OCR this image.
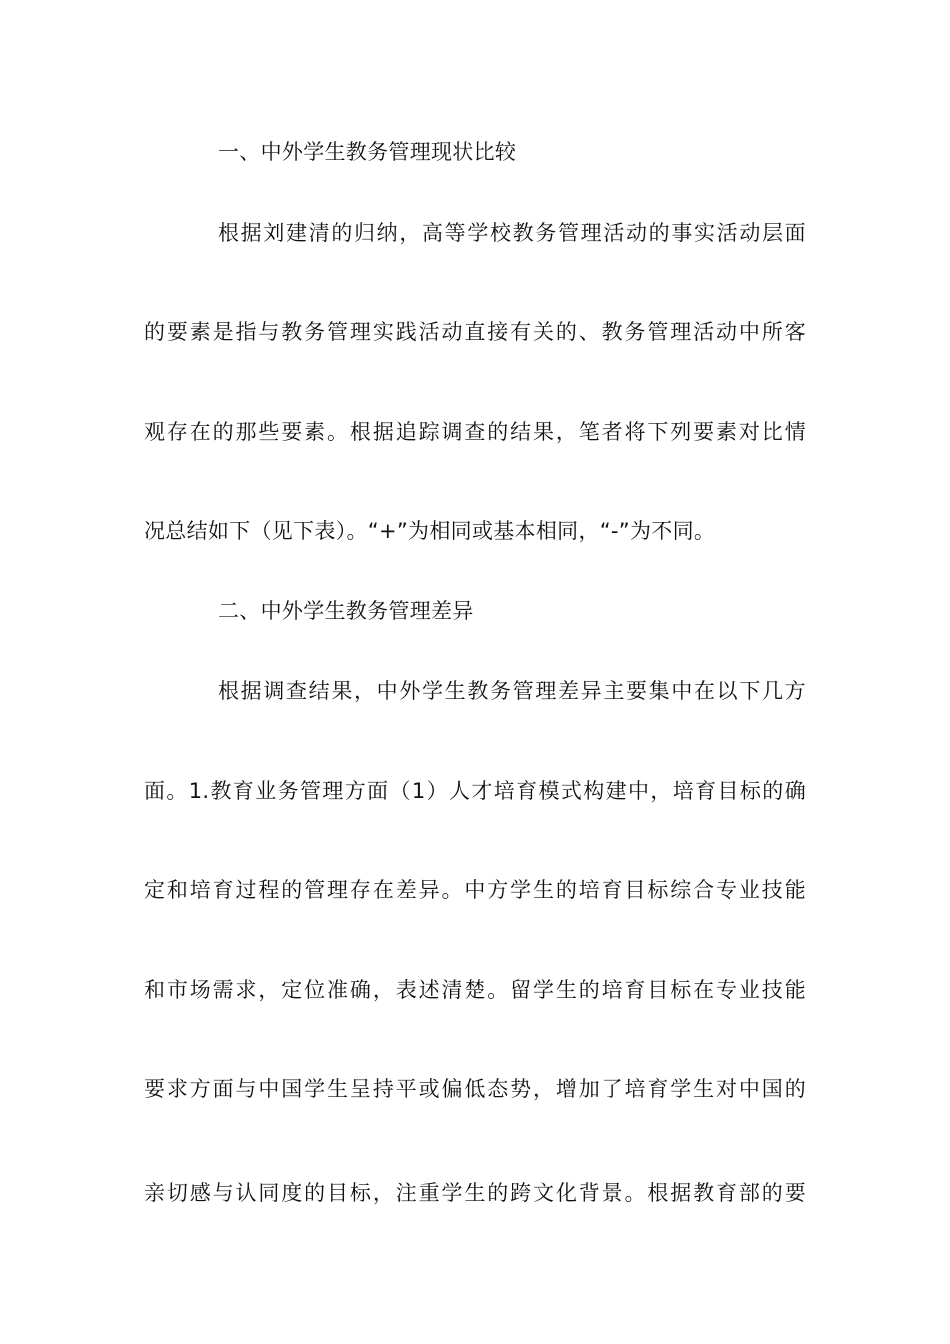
一、中外学生教务管理现状比较
根据刘建清的归纳，高等学校教务管理活动的事实活动层面
的要素是指与教务管理实践活动直接有关的、教务管理活动中所客
观存在的那些要素。根据追踪调查的结果，笔者将下列要素对比情
况总结如下（见下表）。“+”为相同或基本相同，“-”为不同。
二、中外学生教务管理差异
根据调查结果，中外学生教务管理差异主要集中在以下几方
面。1.教育业务管理方面（1）人才培育模式构建中，培育目标的确
定和培育过程的管理存在差异。中方学生的培育目标综合专业技能
和市场需求，定位准确，表述清楚。留学生的培育目标在专业技能
要求方面与中国学生呈持平或偏低态势，增加了培育学生对中国的
亲切感与认同度的目标，注重学生的跨文化背景。根据教育部的要
